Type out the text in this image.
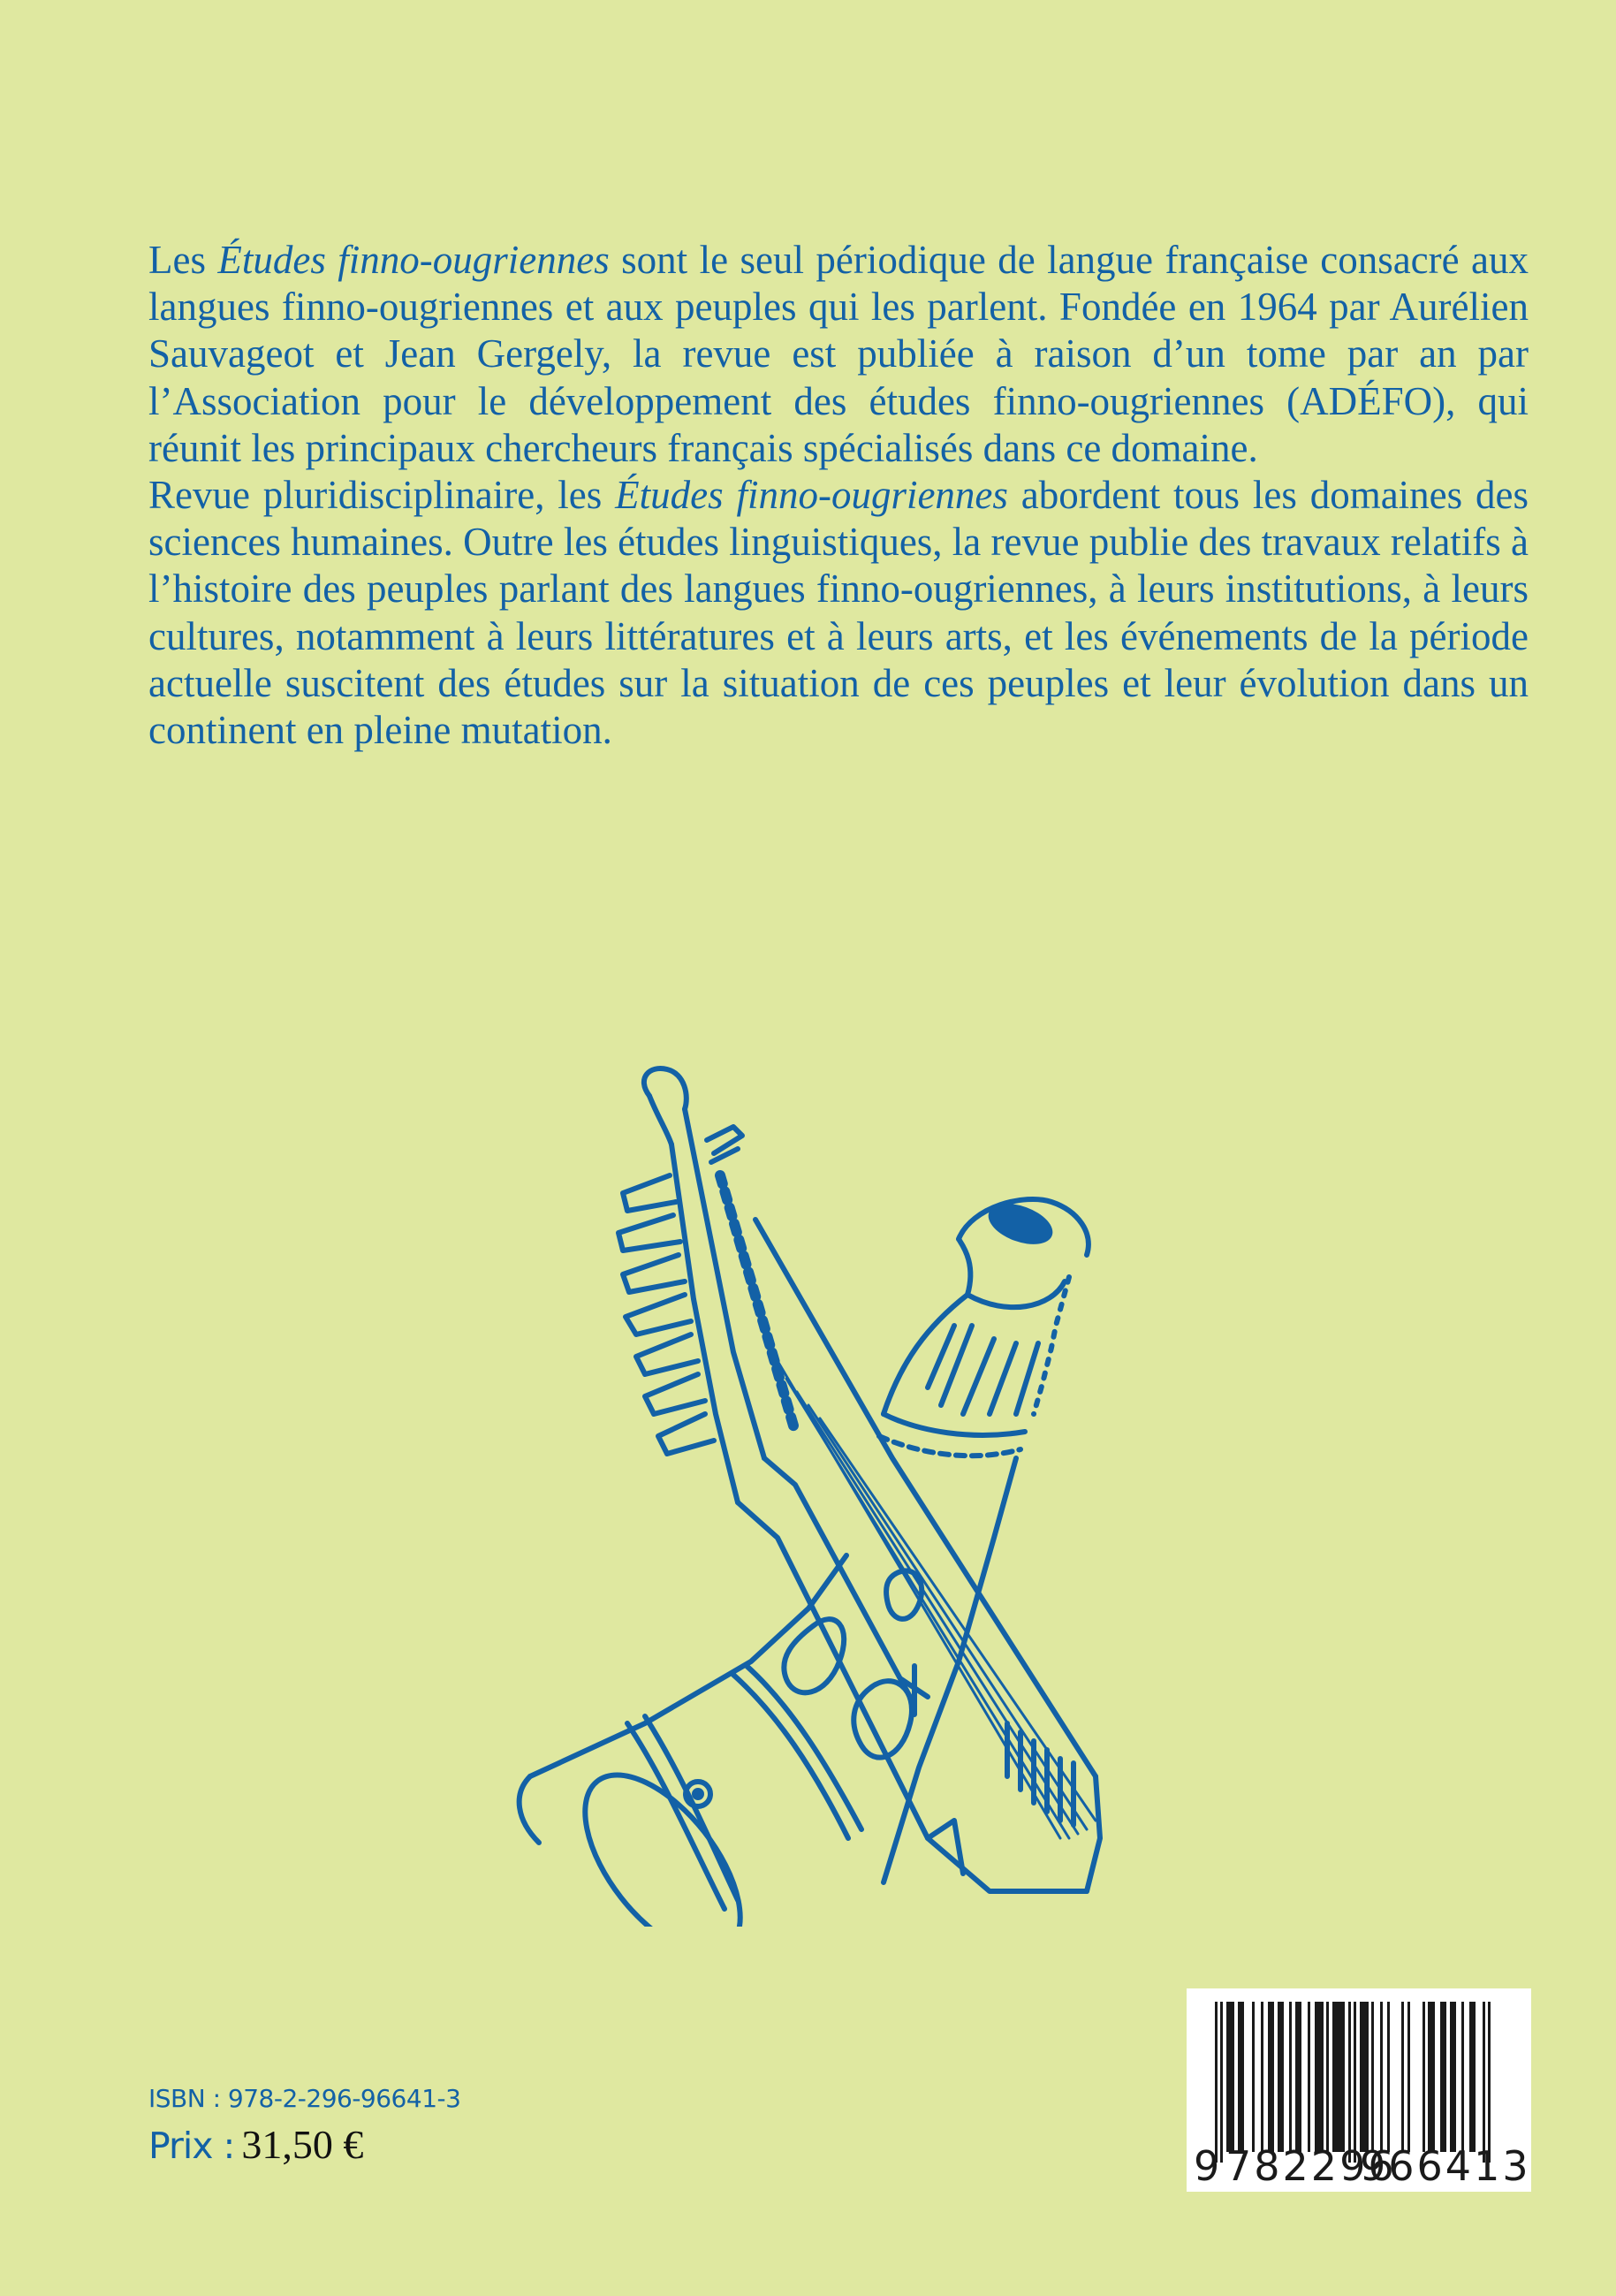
Les Études finno-ougriennes sont le seul périodique de langue française consacré aux langues finno-ougriennes et aux peuples qui les parlent. Fondée en 1964 par Aurélien Sauvageot et Jean Gergely, la revue est publiée à raison d’un tome par an par l’Association pour le développement des études finno-ougriennes (ADÉFO), qui réunit les principaux chercheurs français spécialisés dans ce domaine.

Revue pluridisciplinaire, les Études finno-ougriennes abordent tous les domaines des sciences humaines. Outre les études linguistiques, la revue publie des travaux relatifs à l’histoire des peuples parlant des langues finno-ougriennes, à leurs institutions, à leurs cultures, notamment à leurs littératures et à leurs arts, et les événements de la période actuelle suscitent des études sur la situation de ces peuples et leur évolution dans un continent en pleine mutation.

ISBN : 978-2-296-96641-3
Prix : 31,50 €	9 782296
966413
